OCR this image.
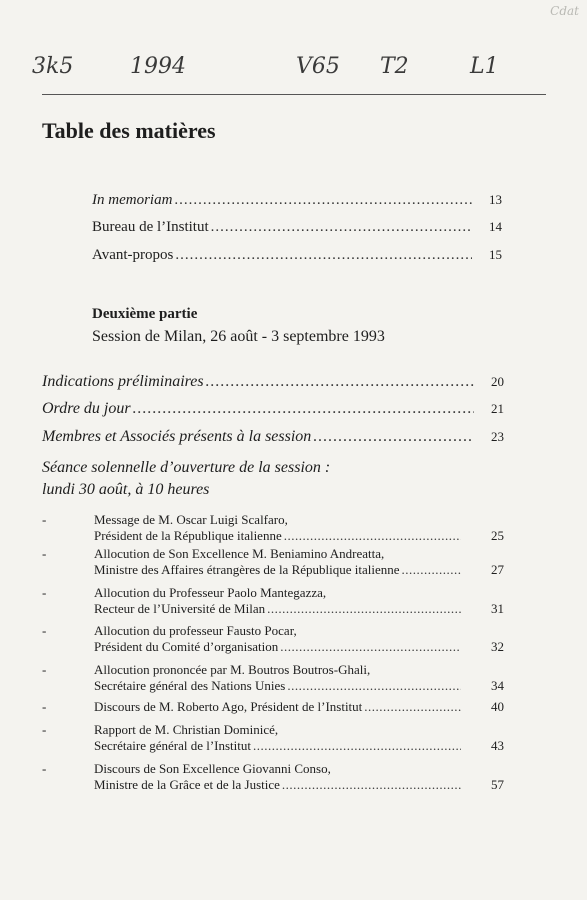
Cdat
3k5	1994	V65 T2	L1
Table des matières
In memoriam .....	13
Bureau de l’Institut .....	14
Avant-propos .....	15
Deuxième partie
Session de Milan, 26 août - 3 septembre 1993
Indications préliminaires .....	20
Ordre du jour .....	21
Membres et Associés présents à la session .....	23
Séance solennelle d’ouverture de la session :
lundi 30 août, à 10 heures
-	Message de M. Oscar Luigi Scalfaro,
Président de la République italienne .....	25
-	Allocution de Son Excellence M. Beniamino Andreatta,
Ministre des Affaires étrangères de la République italienne .....	27
-	Allocution du Professeur Paolo Mantegazza,
Recteur de l’Université de Milan .....	31
-	Allocution du professeur Fausto Pocar,
Président du Comité d’organisation .....	32
-	Allocution prononcée par M. Boutros Boutros-Ghali,
Secrétaire général des Nations Unies .....	34
-	Discours de M. Roberto Ago, Président de l’Institut .....	40
-	Rapport de M. Christian Dominicé,
Secrétaire général de l’Institut .....	43
-	Discours de Son Excellence Giovanni Conso,
Ministre de la Grâce et de la Justice .....	57
